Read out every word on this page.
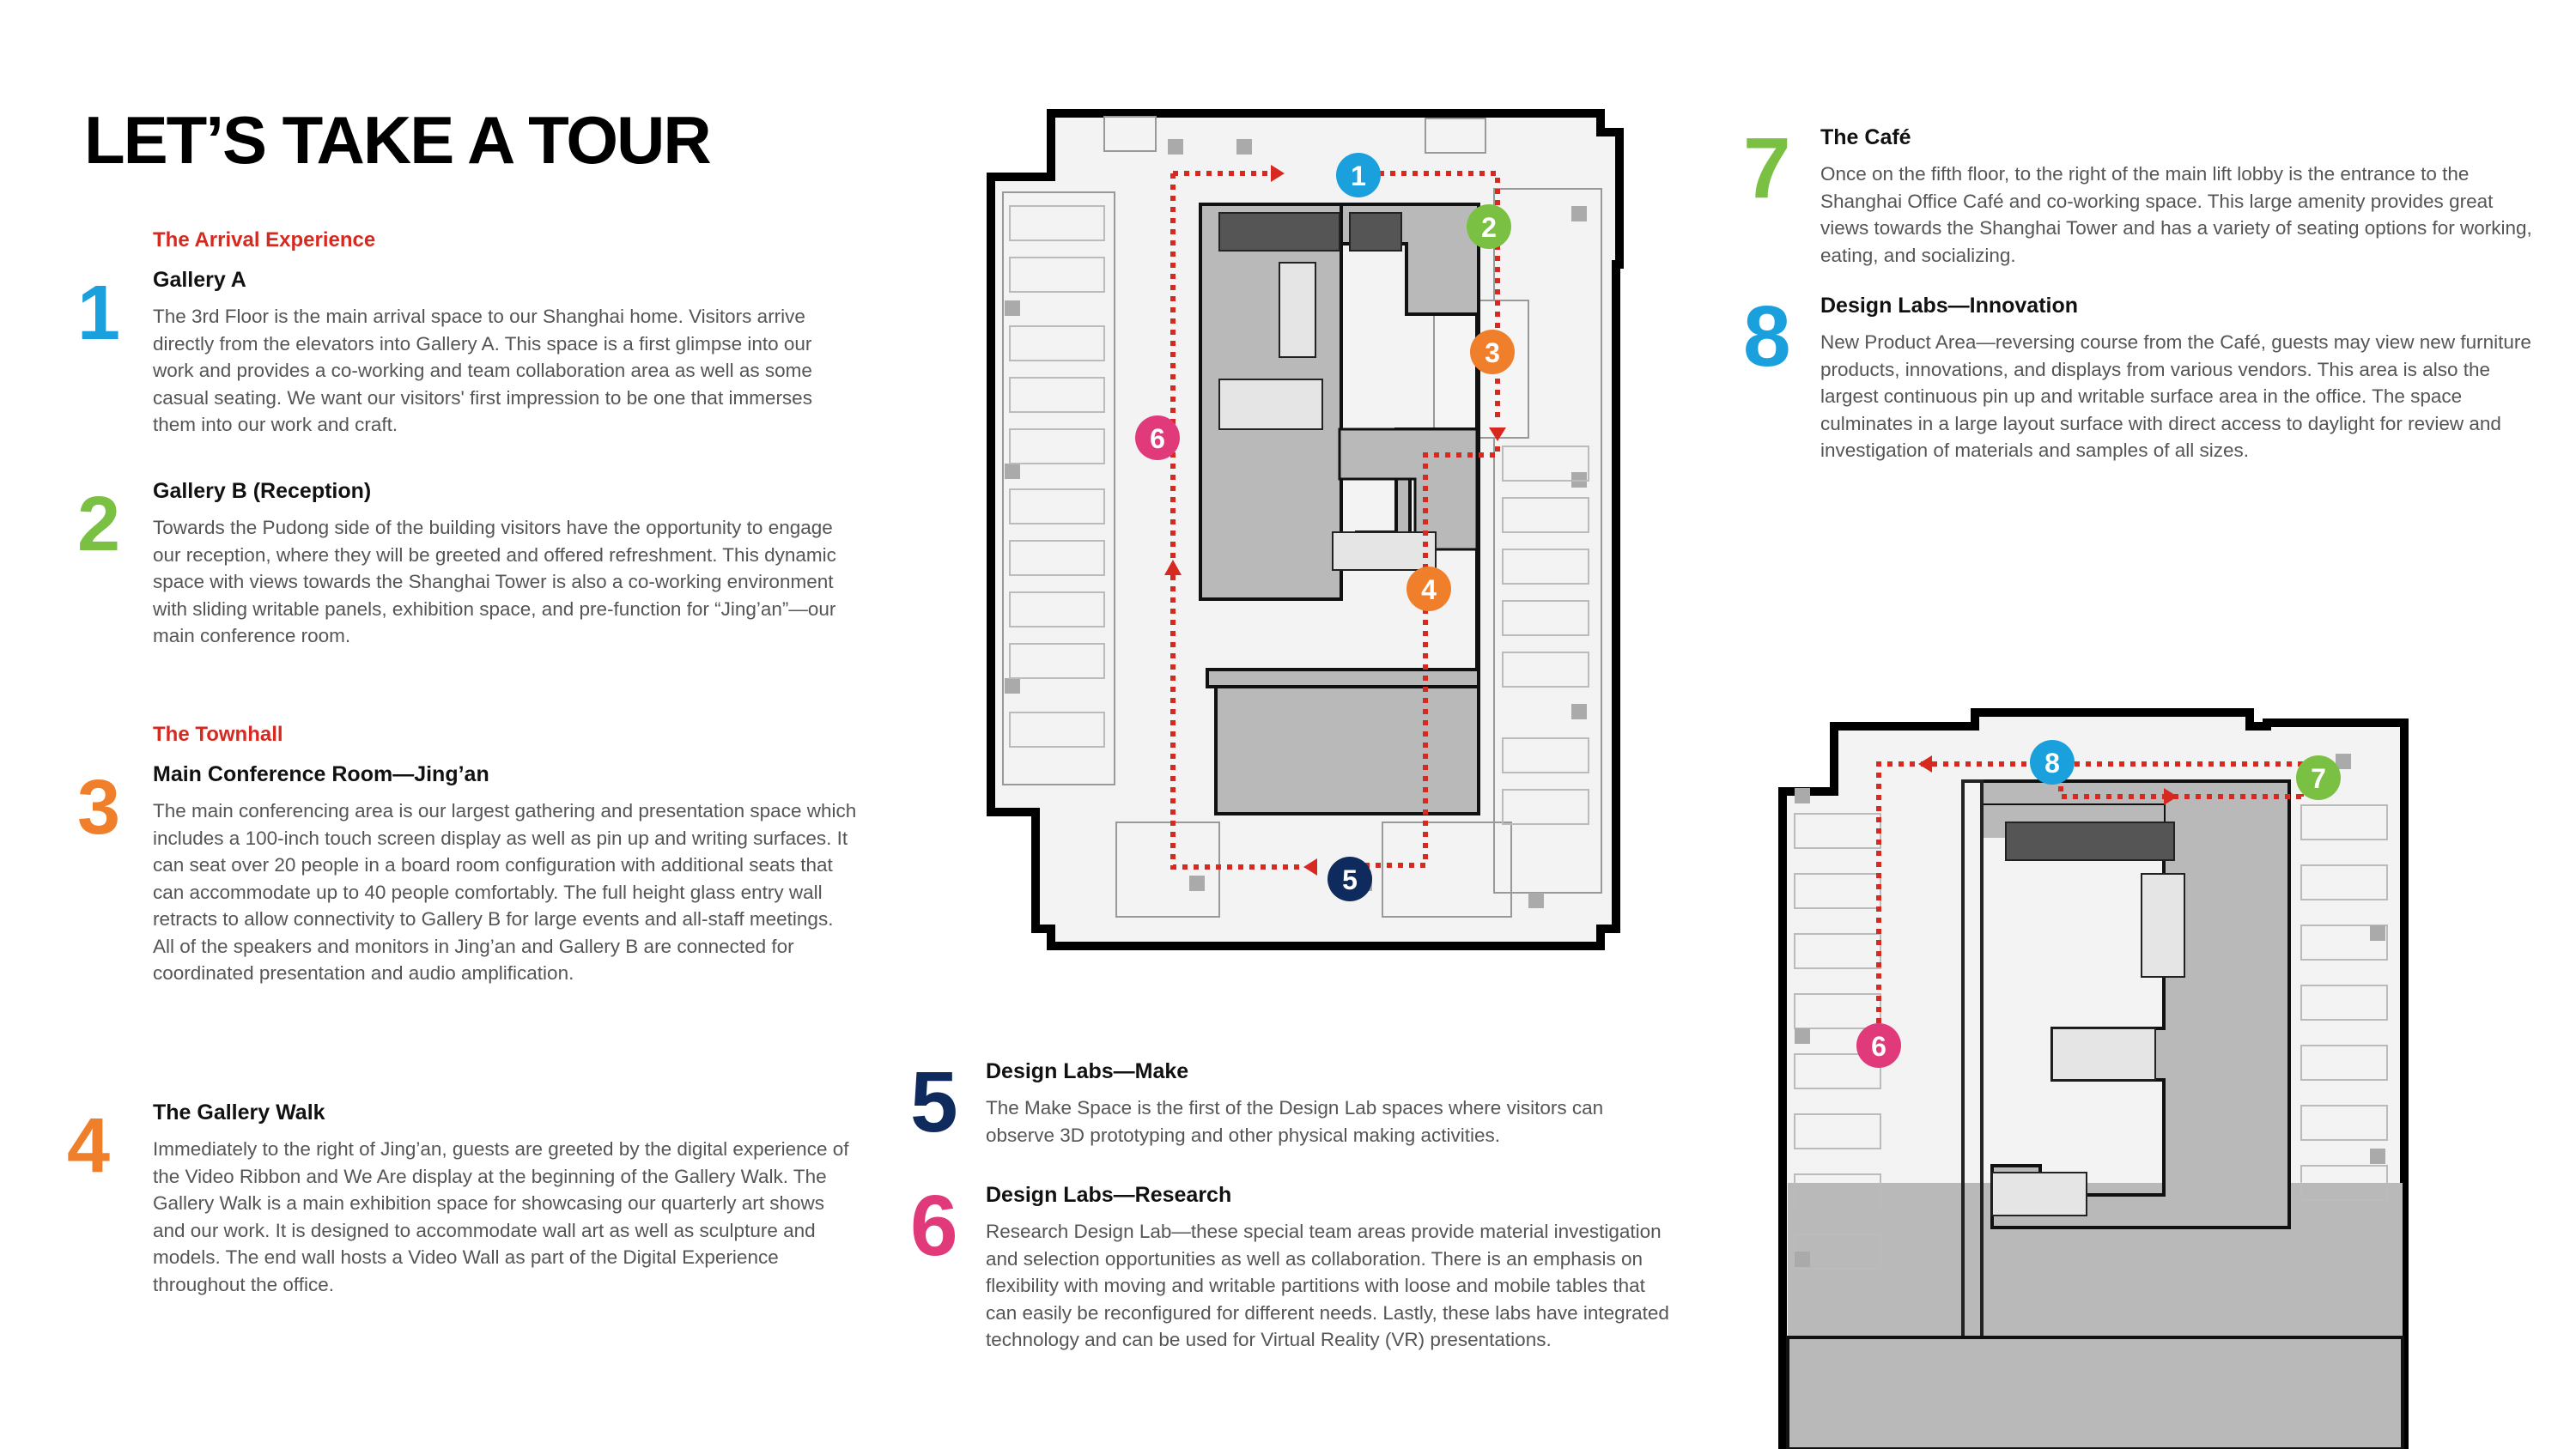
LET’S TAKE A TOUR
The Arrival Experience
The Townhall
1 Gallery A

The 3rd Floor is the main arrival space to our Shanghai home. Visitors arrive directly from the elevators into Gallery A. This space is a first glimpse into our work and provides a co-working and team collaboration area as well as some casual seating. We want our visitors' first impression to be one that immerses them into our work and craft.

2 Gallery B (Reception)

Towards the Pudong side of the building visitors have the opportunity to engage our reception, where they will be greeted and offered refreshment. This dynamic space with views towards the Shanghai Tower is also a co-working environment with sliding writable panels, exhibition space, and pre-function for “Jing’an”—our main conference room.

3 Main Conference Room—Jing’an

The main conferencing area is our largest gathering and presentation space which includes a 100-inch touch screen display as well as pin up and writing surfaces. It can seat over 20 people in a board room configuration with additional seats that can accommodate up to 40 people comfortably. The full height glass entry wall retracts to allow connectivity to Gallery B for large events and all-staff meetings. All of the speakers and monitors in Jing’an and Gallery B are connected for coordinated presentation and audio amplification.

4 The Gallery Walk

Immediately to the right of Jing’an, guests are greeted by the digital experience of the Video Ribbon and We Are display at the beginning of the Gallery Walk. The Gallery Walk is a main exhibition space for showcasing our quarterly art shows and our work. It is designed to accommodate wall art as well as sculpture and models. The end wall hosts a Video Wall as part of the Digital Experience throughout the office.

5 Design Labs—Make

The Make Space is the first of the Design Lab spaces where visitors can observe 3D prototyping and other physical making activities.

6 Design Labs—Research

Research Design Lab—these special team areas provide material investigation and selection opportunities as well as collaboration. There is an emphasis on flexibility with moving and writable partitions with loose and mobile tables that can easily be reconfigured for different needs. Lastly, these labs have integrated technology and can be used for Virtual Reality (VR) presentations.

7 The Café

Once on the fifth floor, to the right of the main lift lobby is the entrance to the Shanghai Office Café and co-working space. This large amenity provides great views towards the Shanghai Tower and has a variety of seating options for working, eating, and socializing.

8 Design Labs—Innovation

New Product Area—reversing course from the Café, guests may view new furniture products, innovations, and displays from various vendors. This area is also the largest continuous pin up and writable surface area in the office. The space culminates in a large layout surface with direct access to daylight for review and investigation of materials and samples of all sizes.

1
2
3
4
5
6
8	7
6
